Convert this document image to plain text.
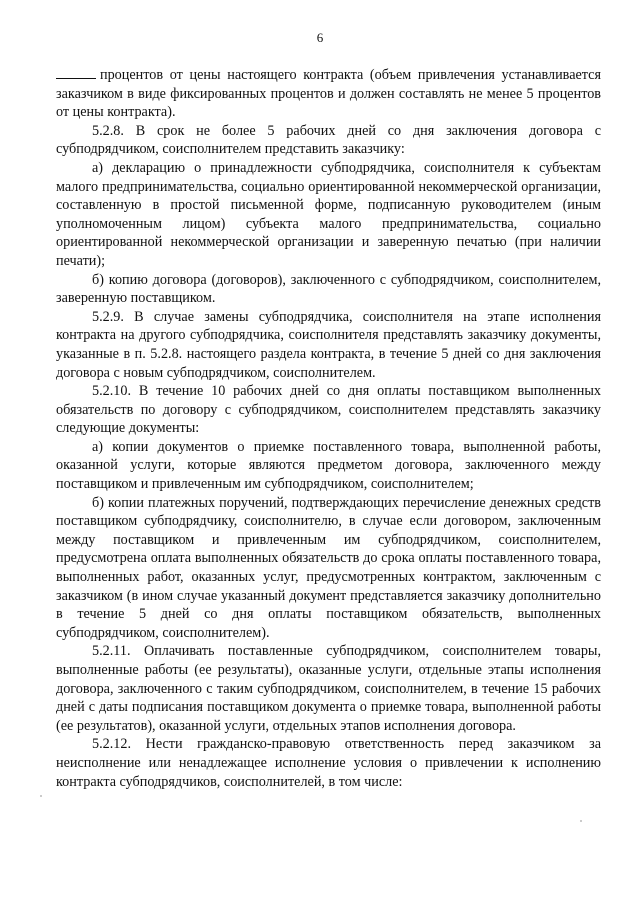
6

процентов от цены настоящего контракта (объем привлечения устанавливается заказчиком в виде фиксированных процентов и должен составлять не менее 5 процентов от цены контракта).

5.2.8. В срок не более 5 рабочих дней со дня заключения договора с субподрядчиком, соисполнителем представить заказчику:

а) декларацию о принадлежности субподрядчика, соисполнителя к субъектам малого предпринимательства, социально ориентированной некоммерческой организации, составленную в простой письменной форме, подписанную руководителем (иным уполномоченным лицом) субъекта малого предпринимательства, социально ориентированной некоммерческой организации и заверенную печатью (при наличии печати);

б) копию договора (договоров), заключенного с субподрядчиком, соисполнителем, заверенную поставщиком.

5.2.9. В случае замены субподрядчика, соисполнителя на этапе исполнения контракта на другого субподрядчика, соисполнителя представлять заказчику документы, указанные в п. 5.2.8. настоящего раздела контракта, в течение 5 дней со дня заключения договора с новым субподрядчиком, соисполнителем.

5.2.10. В течение 10 рабочих дней со дня оплаты поставщиком выполненных обязательств по договору с субподрядчиком, соисполнителем представлять заказчику следующие документы:

а) копии документов о приемке поставленного товара, выполненной работы, оказанной услуги, которые являются предметом договора, заключенного между поставщиком и привлеченным им субподрядчиком, соисполнителем;

б) копии платежных поручений, подтверждающих перечисление денежных средств поставщиком субподрядчику, соисполнителю, в случае если договором, заключенным между поставщиком и привлеченным им субподрядчиком, соисполнителем, предусмотрена оплата выполненных обязательств до срока оплаты поставленного товара, выполненных работ, оказанных услуг, предусмотренных контрактом, заключенным с заказчиком (в ином случае указанный документ представляется заказчику дополнительно в течение 5 дней со дня оплаты поставщиком обязательств, выполненных субподрядчиком, соисполнителем).

5.2.11. Оплачивать поставленные субподрядчиком, соисполнителем товары, выполненные работы (ее результаты), оказанные услуги, отдельные этапы исполнения договора, заключенного с таким субподрядчиком, соисполнителем, в течение 15 рабочих дней с даты подписания поставщиком документа о приемке товара, выполненной работы (ее результатов), оказанной услуги, отдельных этапов исполнения договора.

5.2.12. Нести гражданско-правовую ответственность перед заказчиком за неисполнение или ненадлежащее исполнение условия о привлечении к исполнению контракта субподрядчиков, соисполнителей, в том числе:
